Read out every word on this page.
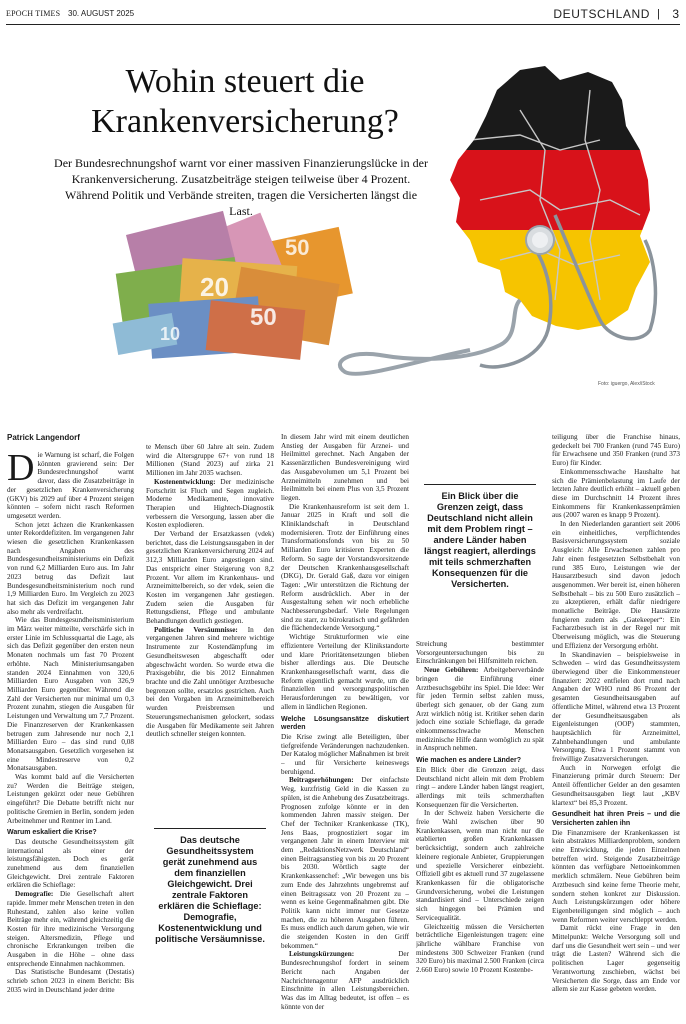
EPOCH TIMES 30. AUGUST 2025	DEUTSCHLAND | 3
20
50
50
10
Wohin steuert die
Krankenversicherung?
Der Bundesrechnungshof warnt vor einer massiven Finanzierungslücke in der Krankenversicherung. Zusatzbeiträge steigen teilweise über 4 Prozent. Während Politik und Verbände streiten, tragen die Versicherten längst die Last.
Foto: iguergo, Alex/iStock
Patrick Langendorf

Die Warnung ist scharf, die Folgen könnten gravierend sein: Der Bundesrechnungshof warnt davor, dass die Zusatzbeiträge in der gesetzlichen Krankenversicherung (GKV) bis 2029 auf über 4 Prozent steigen könnten – sofern nicht rasch Reformen umgesetzt werden.

Schon jetzt ächzen die Krankenkassen unter Rekorddefiziten. Im vergangenen Jahr wiesen die gesetzlichen Krankenkassen nach Angaben des Bundesgesundheitsministeriums ein Defizit von rund 6,2 Milliarden Euro aus. Im Jahr 2023 betrug das Defizit laut Bundesgesundheitsministerium noch rund 1,9 Milliarden Euro. Im Vergleich zu 2023 hat sich das Defizit im vergangenen Jahr also mehr als verdreifacht.

Wie das Bundesgesundheitsministerium im März weiter mitteilte, verschärfe sich in erster Linie im Schlussquartal die Lage, als sich das Defizit gegenüber den ersten neun Monaten nochmals um fast 70 Prozent erhöhte. Nach Ministeriumsangaben standen 2024 Einnahmen von 320,6 Milliarden Euro Ausgaben von 326,9 Milliarden Euro gegenüber. Während die Zahl der Versicherten nur minimal um 0,3 Prozent zunahm, stiegen die Ausgaben für Leistungen und Verwaltung um 7,7 Prozent. Die Finanzreserven der Krankenkassen betrugen zum Jahresende nur noch 2,1 Milliarden Euro – das sind rund 0,08 Monatsausgaben. Gesetzlich vorgesehen ist eine Mindestreserve von 0,2 Monatsausgaben.

Was kommt bald auf die Versicherten zu? Werden die Beiträge steigen, Leistungen gekürzt oder neue Gebühren eingeführt? Die Debatte betrifft nicht nur politische Gremien in Berlin, sondern jeden Arbeitnehmer und Rentner im Land.

Warum eskaliert die Krise?

Das deutsche Gesundheitssystem gilt international als einer der leistungsfähigsten. Doch es gerät zunehmend aus dem finanziellen Gleichgewicht. Drei zentrale Faktoren erklären die Schieflage:

Demografie: Die Gesellschaft altert rapide. Immer mehr Menschen treten in den Ruhestand, zahlen also keine vollen Beiträge mehr ein, während gleichzeitig die Kosten für ihre medizinische Versorgung steigen. Altersmedizin, Pflege und chronische Erkrankungen treiben die Ausgaben in die Höhe – ohne dass entsprechende Einnahmen nachkommen.

Das Statistische Bundesamt (Destatis) schrieb schon 2023 in einem Bericht: Bis 2035 wird in Deutschland jeder dritte

te Mensch über 60 Jahre alt sein. Zudem wird die Altersgruppe 67+ von rund 18 Millionen (Stand 2023) auf zirka 21 Millionen im Jahr 2035 wachsen.

Kostenentwicklung: Der medizinische Fortschritt ist Fluch und Segen zugleich. Moderne Medikamente, innovative Therapien und Hightech-Diagnostik verbessern die Versorgung, lassen aber die Kosten explodieren.

Der Verband der Ersatzkassen (vdek) berichtet, dass die Leistungsausgaben in der gesetzlichen Krankenversicherung 2024 auf 312,3 Milliarden Euro angestiegen sind. Das entspricht einer Steigerung von 8,2 Prozent. Vor allem im Krankenhaus- und Arzneimittelbereich, so der vdek, seien die Kosten im vergangenen Jahr gestiegen. Zudem seien die Ausgaben für Rettungsdienst, Pflege und ambulante Behandlungen deutlich gestiegen.

Politische Versäumnisse: In den vergangenen Jahren sind mehrere wichtige Instrumente zur Kostendämpfung im Gesundheitswesen abgeschafft oder abgeschwächt worden. So wurde etwa die Praxisgebühr, die bis 2012 Einnahmen brachte und die Zahl unnötiger Arztbesuche begrenzen sollte, ersatzlos gestrichen. Auch bei den Vorgaben im Arzneimittelbereich wurden Preisbremsen und Steuerungsmechanismen gelockert, sodass die Ausgaben für Medikamente seit Jahren deutlich schneller steigen konnten.

Das deutsche Gesundheitssystem gerät zunehmend aus dem finanziellen Gleichgewicht. Drei zentrale Faktoren erklären die Schieflage: Demografie, Kostenentwicklung und politische Versäumnisse.

In diesem Jahr wird mit einem deutlichen Anstieg der Ausgaben für Arznei- und Heilmittel gerechnet. Nach Angaben der Kassenärztlichen Bundesvereinigung wird das Ausgabevolumen um 5,1 Prozent bei Arzneimitteln zunehmen und bei Heilmitteln bei einem Plus von 3,5 Prozent liegen.

Die Krankenhausreform ist seit dem 1. Januar 2025 in Kraft und soll die Kliniklandschaft in Deutschland modernisieren. Trotz der Einführung eines Transformationsfonds von bis zu 50 Milliarden Euro kritisieren Experten die Reform. So sagte der Vorstandsvorsitzende der Deutschen Krankenhausgesellschaft (DKG), Dr. Gerald Gaß, dazu vor einigen Tagen: „Wir unterstützen die Richtung der Reform ausdrücklich. Aber in der Ausgestaltung sehen wir noch erhebliche Nachbesserungsbedarf. Viele Regelungen sind zu starr, zu bürokratisch und gefährden die flächendeckende Versorgung.“

Wichtige Strukturformen wie eine effizientere Verteilung der Klinikstandorte und klare Prioritätensetzungen blieben bisher allerdings aus. Die Deutsche Krankenhausgesellschaft warnt, dass die Reform eigentlich gemacht wurde, um die finanziellen und versorgungspolitischen Herausforderungen zu bewältigen, vor allem in ländlichen Regionen.

Welche Lösungsansätze diskutiert werden

Die Krise zwingt alle Beteiligten, über tiefgreifende Veränderungen nachzudenken. Der Katalog möglicher Maßnahmen ist breit – und für Versicherte keineswegs beruhigend.

Beitragserhöhungen: Der einfachste Weg, kurzfristig Geld in die Kassen zu spülen, ist die Anhebung des Zusatzbeitrags. Prognosen zufolge könnte er in den kommenden Jahren massiv steigen. Der Chef der Techniker Krankenkasse (TK), Jens Baas, prognostiziert sogar im vergangenen Jahr in einem Interview mit dem „RedaktionsNetzwerk Deutschland“ einen Beitragsanstieg von bis zu 20 Prozent bis 2030. Wörtlich sagte der Krankenkassenchef: „Wir bewegen uns bis zum Ende des Jahrzehnts ungebremst auf einen Beitragssatz von 20 Prozent zu – wenn es keine Gegenmaßnahmen gibt. Die Politik kann nicht immer nur Gesetze machen, die zu höheren Ausgaben führen. Es muss endlich auch darum gehen, wie wir die steigenden Kosten in den Griff bekommen.“

Leistungskürzungen: Der Bundesrechnungshof fordert in seinem Bericht nach Angaben der Nachrichtenagentur AFP ausdrücklich Einschnitte in allen Leistungsbereichen. Was das im Alltag bedeutet, ist offen – es könnte von der

Ein Blick über die Grenzen zeigt, dass Deutschland nicht allein mit dem Problem ringt – andere Länder haben längst reagiert, allerdings mit teils schmerzhaften Konsequenzen für die Versicherten.

Streichung bestimmter Vorsorgeuntersuchungen bis zu Einschränkungen bei Hilfsmitteln reichen.

Neue Gebühren: Arbeitgeberverbände bringen die Einführung einer Arztbesuchsgebühr ins Spiel. Die Idee: Wer für jeden Termin selbst zahlen muss, überlegt sich genauer, ob der Gang zum Arzt wirklich nötig ist. Kritiker sehen darin jedoch eine soziale Schieflage, da gerade einkommensschwache Menschen medizinische Hilfe dann womöglich zu spät in Anspruch nehmen.

Wie machen es andere Länder?

Ein Blick über die Grenzen zeigt, dass Deutschland nicht allein mit dem Problem ringt – andere Länder haben längst reagiert, allerdings mit teils schmerzhaften Konsequenzen für die Versicherten.

In der Schweiz haben Versicherte die freie Wahl zwischen über 90 Krankenkassen, wenn man nicht nur die etablierten großen Krankenkassen berücksichtigt, sondern auch zahlreiche kleinere regionale Anbieter, Gruppierungen und spezielle Versicherer einbezieht. Offiziell gibt es aktuell rund 37 zugelassene Krankenkassen für die obligatorische Grundversicherung, wobei die Leistungen standardisiert sind – Unterschiede zeigen sich hingegen bei Prämien und Servicequalität.

Gleichzeitig müssen die Versicherten beträchtliche Eigenleistungen tragen: eine jährliche wählbare Franchise von mindestens 300 Schweizer Franken (rund 320 Euro) bis maximal 2.500 Franken (circa 2.660 Euro) sowie 10 Prozent Kostenbe-

teiligung über die Franchise hinaus, gedeckelt bei 700 Franken (rund 745 Euro) für Erwachsene und 350 Franken (rund 373 Euro) für Kinder.

Einkommensschwache Haushalte hat sich die Prämienbelastung im Laufe der letzten Jahre deutlich erhöht – aktuell geben diese im Durchschnitt 14 Prozent ihres Einkommens für Krankenkassenprämien aus (2007 waren es knapp 9 Prozent).

In den Niederlanden garantiert seit 2006 ein einheitliches, verpflichtendes Basisversicherungssystem soziale Ausgleich: Alle Erwachsenen zahlen pro Jahr einen festgesetzten Selbstbehalt von rund 385 Euro, Leistungen wie der Hausarztbesuch sind davon jedoch ausgenommen. Wer bereit ist, einen höheren Selbstbehalt – bis zu 500 Euro zusätzlich – zu akzeptieren, erhält dafür niedrigere monatliche Beiträge. Die Hausärzte fungieren zudem als „Gatekeeper“: Ein Facharztbesuch ist in der Regel nur mit Überweisung möglich, was die Steuerung und Effizienz der Versorgung erhöht.

In Skandinavien – beispielsweise in Schweden – wird das Gesundheitssystem überwiegend über die Einkommensteuer finanziert: 2022 entfielen dort rund nach Angaben der WHO rund 86 Prozent der gesamten Gesundheitsausgaben auf öffentliche Mittel, während etwa 13 Prozent der Gesundheitsausgaben als Eigenleistungen (OOP) stammten, hauptsächlich für Arzneimittel, Zahnbehandlungen und ambulante Versorgung. Etwa 1 Prozent stammt von freiwillige Zusatzversicherungen.

Auch in Norwegen erfolgt die Finanzierung primär durch Steuern: Der Anteil öffentlicher Gelder an den gesamten Gesundheitsausgaben liegt laut „KBV klartext“ bei 85,3 Prozent.

Gesundheit hat ihren Preis – und die Versicherten zahlen ihn

Die Finanzmisere der Krankenkassen ist kein abstraktes Milliardenproblem, sondern eine Entwicklung, die jeden Einzelnen betreffen wird. Steigende Zusatzbeiträge könnten das verfügbare Nettoeinkommen merklich schmälern. Neue Gebühren beim Arztbesuch sind keine ferne Theorie mehr, sondern stehen konkret zur Diskussion. Auch Leistungskürzungen oder höhere Eigenbeteiligungen sind möglich – auch wenn Reformen weiter verschleppt werden.

Damit rückt eine Frage in den Mittelpunkt: Welche Versorgung soll und darf uns die Gesundheit wert sein – und wer trägt die Lasten? Während sich die politischen Lager gegenseitig Verantwortung zuschieben, wächst bei Versicherten die Sorge, dass am Ende vor allem sie zur Kasse gebeten werden.
